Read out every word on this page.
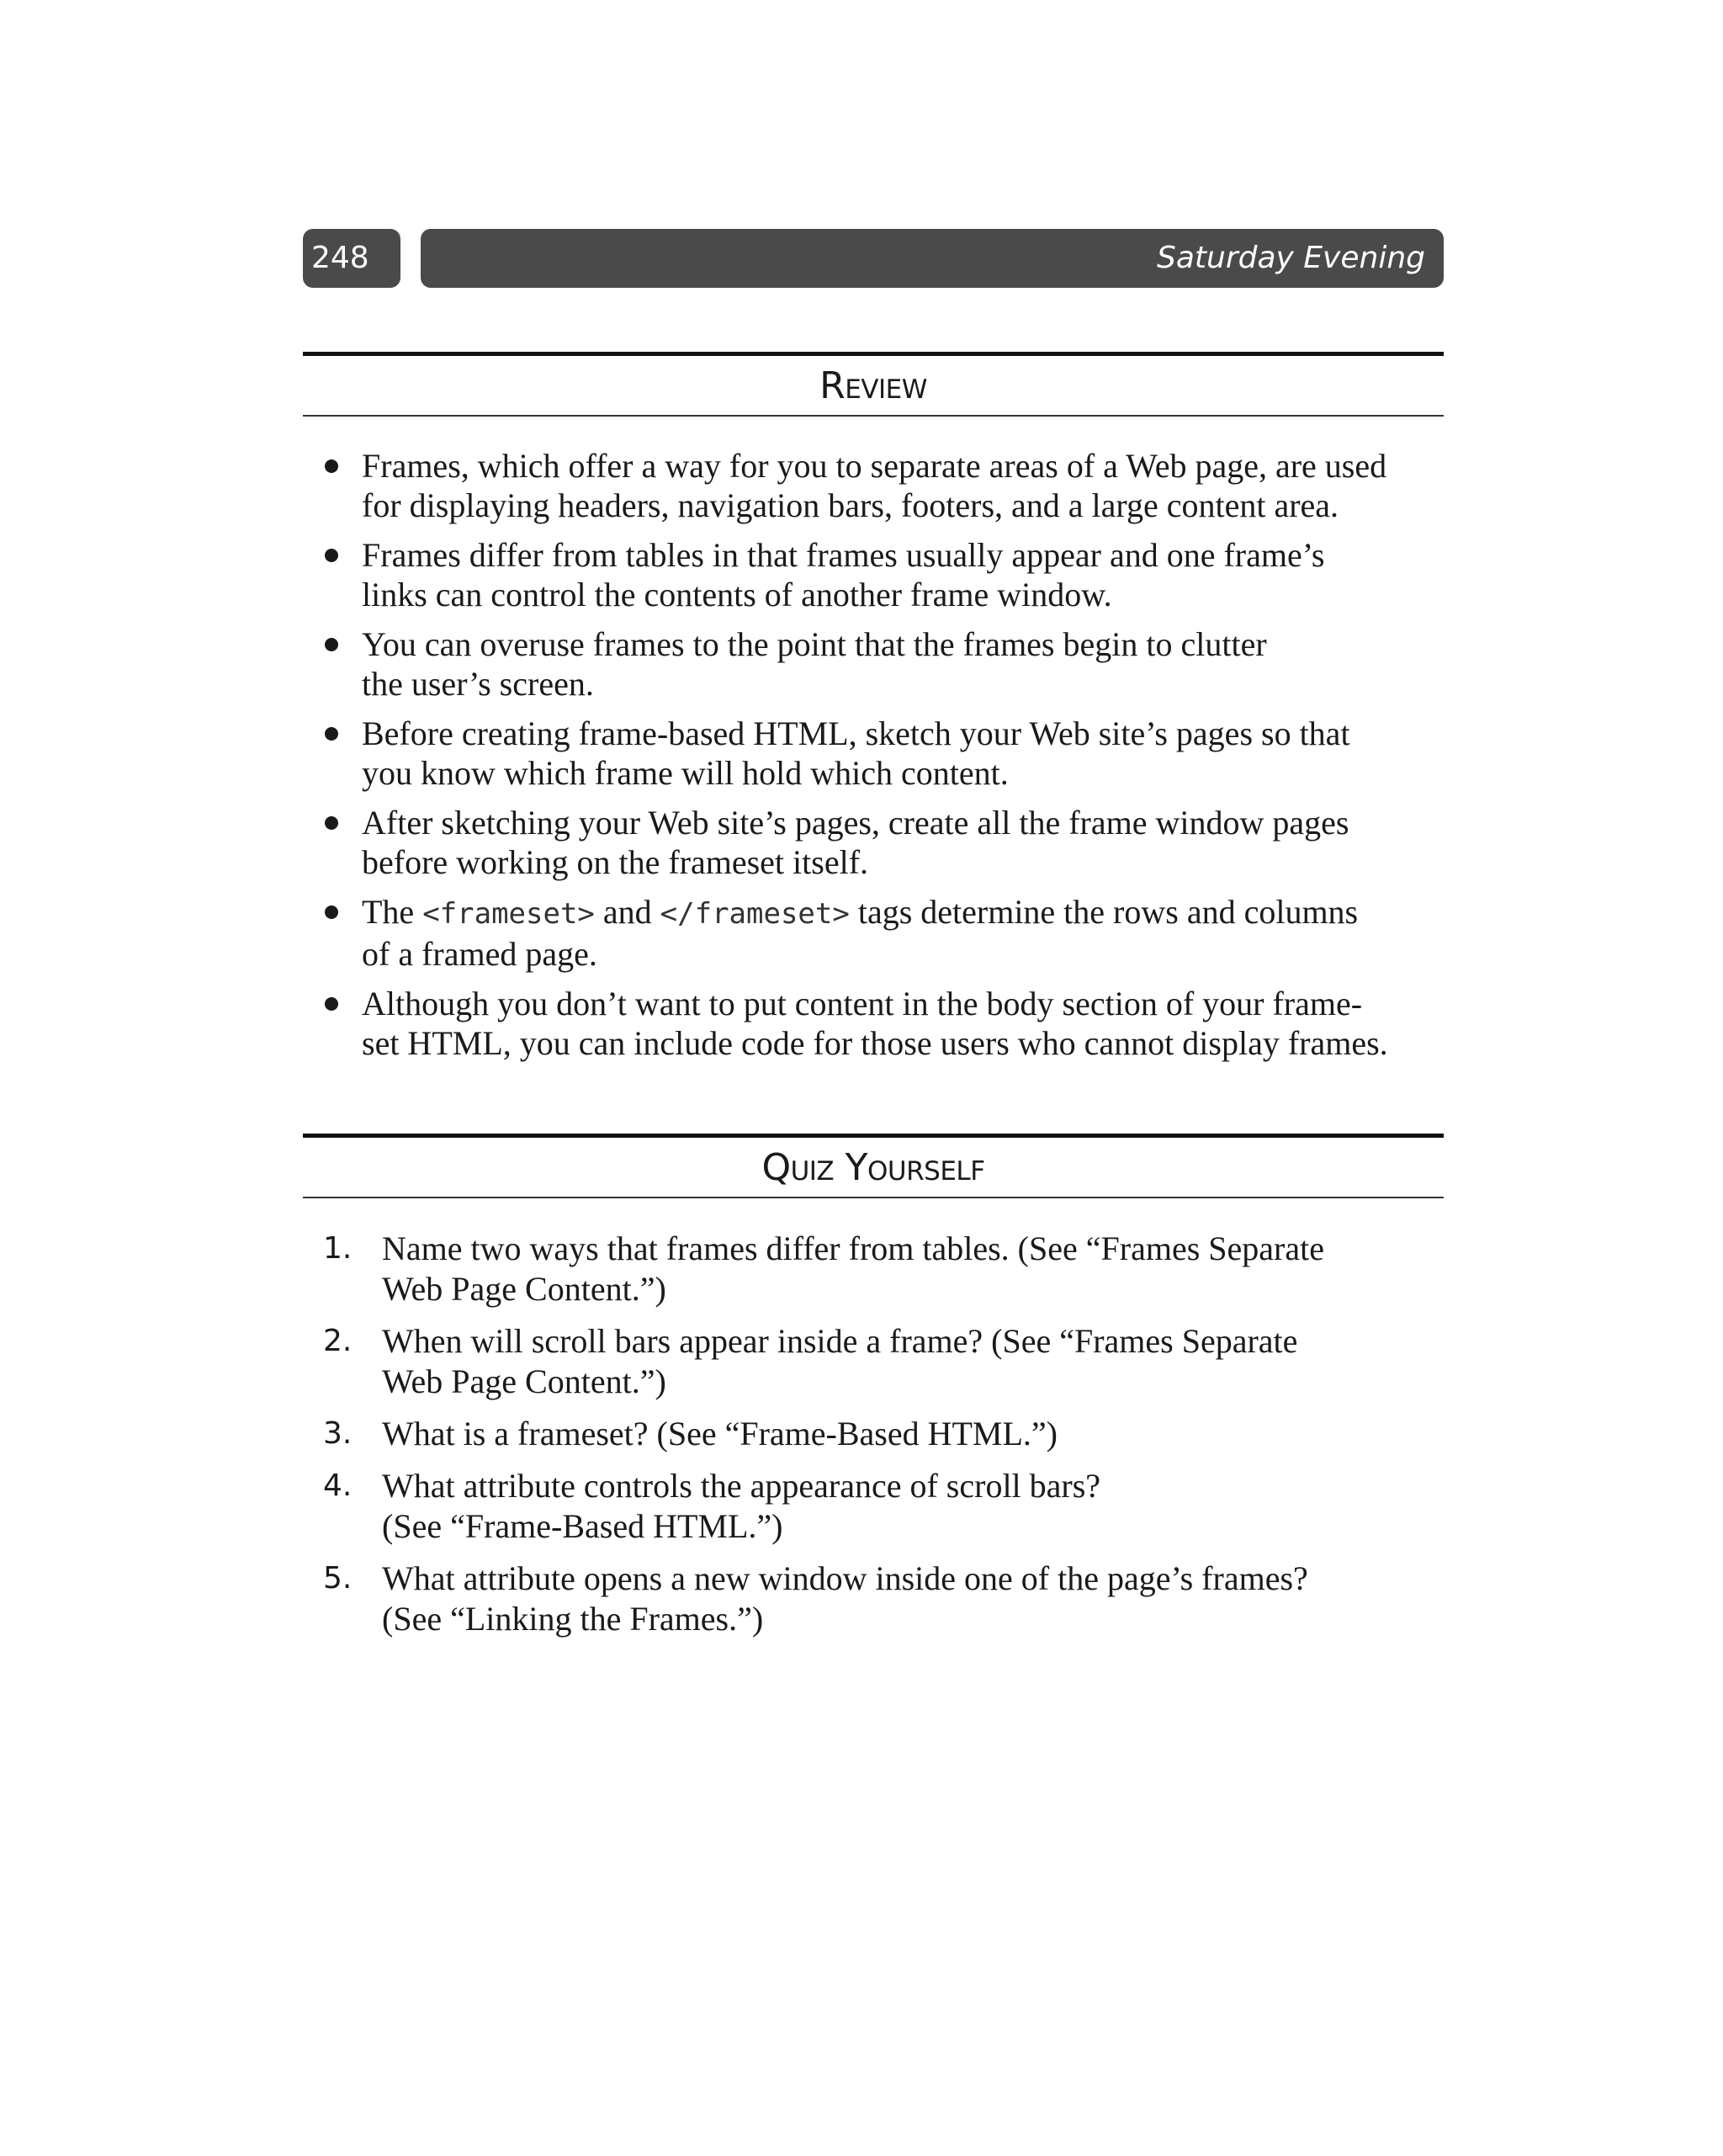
248	Saturday Evening
Review
Frames, which offer a way for you to separate areas of a Web page, are used
for displaying headers, navigation bars, footers, and a large content area.
Frames differ from tables in that frames usually appear and one frame’s
links can control the contents of another frame window.
You can overuse frames to the point that the frames begin to clutter
the user’s screen.
Before creating frame-based HTML, sketch your Web site’s pages so that
you know which frame will hold which content.
After sketching your Web site’s pages, create all the frame window pages
before working on the frameset itself.
The <frameset> and </frameset> tags determine the rows and columns
of a framed page.
Although you don’t want to put content in the body section of your frame-
set HTML, you can include code for those users who cannot display frames.
Quiz Yourself
1. Name two ways that frames differ from tables. (See “Frames Separate
Web Page Content.”)
2. When will scroll bars appear inside a frame? (See “Frames Separate
Web Page Content.”)
3. What is a frameset? (See “Frame-Based HTML.”)
4. What attribute controls the appearance of scroll bars?
(See “Frame-Based HTML.”)
5. What attribute opens a new window inside one of the page’s frames?
(See “Linking the Frames.”)
